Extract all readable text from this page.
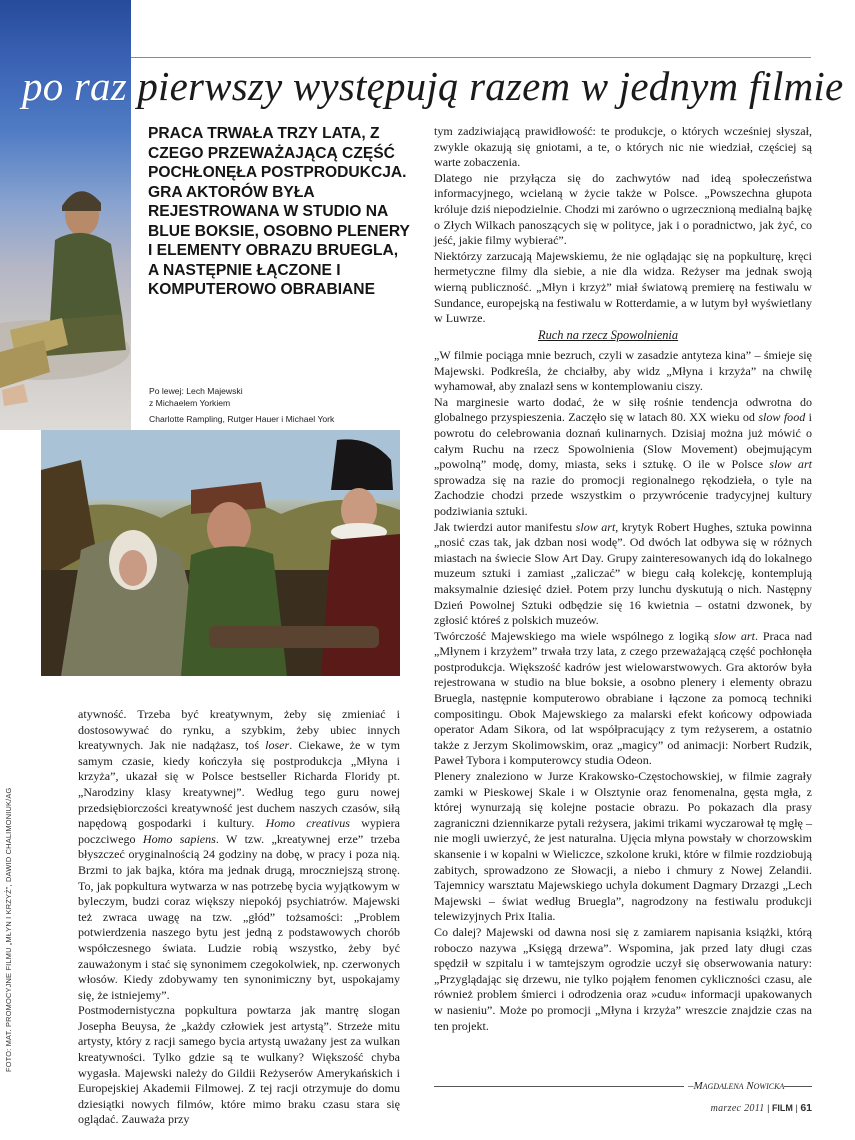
po raz pierwszy występują razem w jednym filmie
PRACA TRWAŁA TRZY LATA, Z CZEGO PRZEWAŻAJĄCĄ CZĘŚĆ POCHŁONĘŁA POSTPRODUKCJA. GRA AKTORÓW BYŁA REJESTROWANA W STUDIO NA BLUE BOKSIE, OSOBNO PLENERY I ELEMENTY OBRAZU BRUEGLA, A NASTĘPNIE ŁĄCZONE I KOMPUTEROWO OBRABIANE
Po lewej: Lech Majewski
z Michaelem Yorkiem
Charlotte Rampling, Rutger Hauer i Michael York

tym zadziwiającą prawidłowość: te produkcje, o których wcześniej słyszał, zwykle okazują się gniotami, a te, o których nic nie wiedział, częściej są warte zobaczenia.

Dlatego nie przyłącza się do zachwytów nad ideą społeczeństwa informacyjnego, wcielaną w życie także w Polsce. „Powszechna głupota króluje dziś niepodzielnie. Chodzi mi zarówno o ugrzecznioną medialną bajkę o Złych Wilkach panoszących się w polityce, jak i o poradnictwo, jak żyć, co jeść, jakie filmy wybierać”.

Niektórzy zarzucają Majewskiemu, że nie oglądając się na popkulturę, kręci hermetyczne filmy dla siebie, a nie dla widza. Reżyser ma jednak swoją wierną publiczność. „Młyn i krzyż” miał światową premierę na festiwalu w Sundance, europejską na festiwalu w Rotterdamie, a w lutym był wyświetlany w Luwrze.

Ruch na rzecz Spowolnienia

„W filmie pociąga mnie bezruch, czyli w zasadzie antyteza kina” – śmieje się Majewski. Podkreśla, że chciałby, aby widz „Młyna i krzyża” na chwilę wyhamował, aby znalazł sens w kontemplowaniu ciszy.

Na marginesie warto dodać, że w siłę rośnie tendencja odwrotna do globalnego przyspieszenia. Zaczęło się w latach 80. XX wieku od slow food i powrotu do celebrowania doznań kulinarnych. Dzisiaj można już mówić o całym Ruchu na rzecz Spowolnienia (Slow Movement) obejmującym „powolną” modę, domy, miasta, seks i sztukę. O ile w Polsce slow art sprowadza się na razie do promocji regionalnego rękodzieła, o tyle na Zachodzie chodzi przede wszystkim o przywrócenie tradycyjnej kultury podziwiania sztuki.

Jak twierdzi autor manifestu slow art, krytyk Robert Hughes, sztuka powinna „nosić czas tak, jak dzban nosi wodę”. Od dwóch lat odbywa się w różnych miastach na świecie Slow Art Day. Grupy zainteresowanych idą do lokalnego muzeum sztuki i zamiast „zaliczać” w biegu całą kolekcję, kontemplują maksymalnie dziesięć dzieł. Potem przy lunchu dyskutują o nich. Następny Dzień Powolnej Sztuki odbędzie się 16 kwietnia – ostatni dzwonek, by zgłosić któreś z polskich muzeów.

Twórczość Majewskiego ma wiele wspólnego z logiką slow art. Praca nad „Młynem i krzyżem” trwała trzy lata, z czego przeważającą część pochłonęła postprodukcja. Większość kadrów jest wielowarstwowych. Gra aktorów była rejestrowana w studio na blue boksie, a osobno plenery i elementy obrazu Bruegla, następnie komputerowo obrabiane i łączone za pomocą techniki compositingu. Obok Majewskiego za malarski efekt końcowy odpowiada operator Adam Sikora, od lat współpracujący z tym reżyserem, a ostatnio także z Jerzym Skolimowskim, oraz „magicy” od animacji: Norbert Rudzik, Paweł Tybora i komputerowcy studia Odeon.

Plenery znaleziono w Jurze Krakowsko-Częstochowskiej, w filmie zagrały zamki w Pieskowej Skale i w Olsztynie oraz fenomenalna, gęsta mgła, z której wynurzają się kolejne postacie obrazu. Po pokazach dla prasy zagraniczni dziennikarze pytali reżysera, jakimi trikami wyczarował tę mgłę – nie mogli uwierzyć, że jest naturalna. Ujęcia młyna powstały w chorzowskim skansenie i w kopalni w Wieliczce, szkolone kruki, które w filmie rozdziobują zabitych, sprowadzono ze Słowacji, a niebo i chmury z Nowej Zelandii. Tajemnicy warsztatu Majewskiego uchyla dokument Dagmary Drzazgi „Lech Majewski – świat według Bruegla”, nagrodzony na festiwalu produkcji telewizyjnych Prix Italia.

Co dalej? Majewski od dawna nosi się z zamiarem napisania książki, którą roboczo nazywa „Księgą drzewa”. Wspomina, jak przed laty długi czas spędził w szpitalu i w tamtejszym ogrodzie uczył się obserwowania natury: „Przyglądając się drzewu, nie tylko pojąłem fenomen cykliczności czasu, ale również problem śmierci i odrodzenia oraz »cudu« informacji upakowanych w nasieniu”. Może po promocji „Młyna i krzyża” wreszcie znajdzie czas na ten projekt.

atywność. Trzeba być kreatywnym, żeby się zmieniać i dostosowywać do rynku, a szybkim, żeby ubiec innych kreatywnych. Jak nie nadążasz, toś loser. Ciekawe, że w tym samym czasie, kiedy kończyła się postprodukcja „Młyna i krzyża”, ukazał się w Polsce bestseller Richarda Floridy pt. „Narodziny klasy kreatywnej”. Według tego guru nowej przedsiębiorczości kreatywność jest duchem naszych czasów, siłą napędową gospodarki i kultury. Homo creativus wypiera poczciwego Homo sapiens. W tzw. „kreatywnej erze” trzeba błyszczeć oryginalnością 24 godziny na dobę, w pracy i poza nią. Brzmi to jak bajka, która ma jednak drugą, mroczniejszą stronę. To, jak popkultura wytwarza w nas potrzebę bycia wyjątkowym w byleczym, budzi coraz większy niepokój psychiatrów. Majewski też zwraca uwagę na tzw. „głód” tożsamości: „Problem potwierdzenia naszego bytu jest jedną z podstawowych chorób współczesnego świata. Ludzie robią wszystko, żeby być zauważonym i stać się synonimem czegokolwiek, np. czerwonych włosów. Kiedy zdobywamy ten synonimiczny byt, uspokajamy się, że istniejemy”.

Postmodernistyczna popkultura powtarza jak mantrę slogan Josepha Beuysa, że „każdy człowiek jest artystą”. Strzeże mitu artysty, który z racji samego bycia artystą uważany jest za wulkan kreatywności. Tylko gdzie są te wulkany? Większość chyba wygasła. Majewski należy do Gildii Reżyserów Amerykańskich i Europejskiej Akademii Filmowej. Z tej racji otrzymuje do domu dziesiątki nowych filmów, które mimo braku czasu stara się oglądać. Zauważa przy

FOTO: MAT. PROMOCYJNE FILMU „MŁYN I KRZYŻ”, DAWID CHALIMONIUK/AG
–Magdalena Nowicka
marzec 2011 | FILM | 61
